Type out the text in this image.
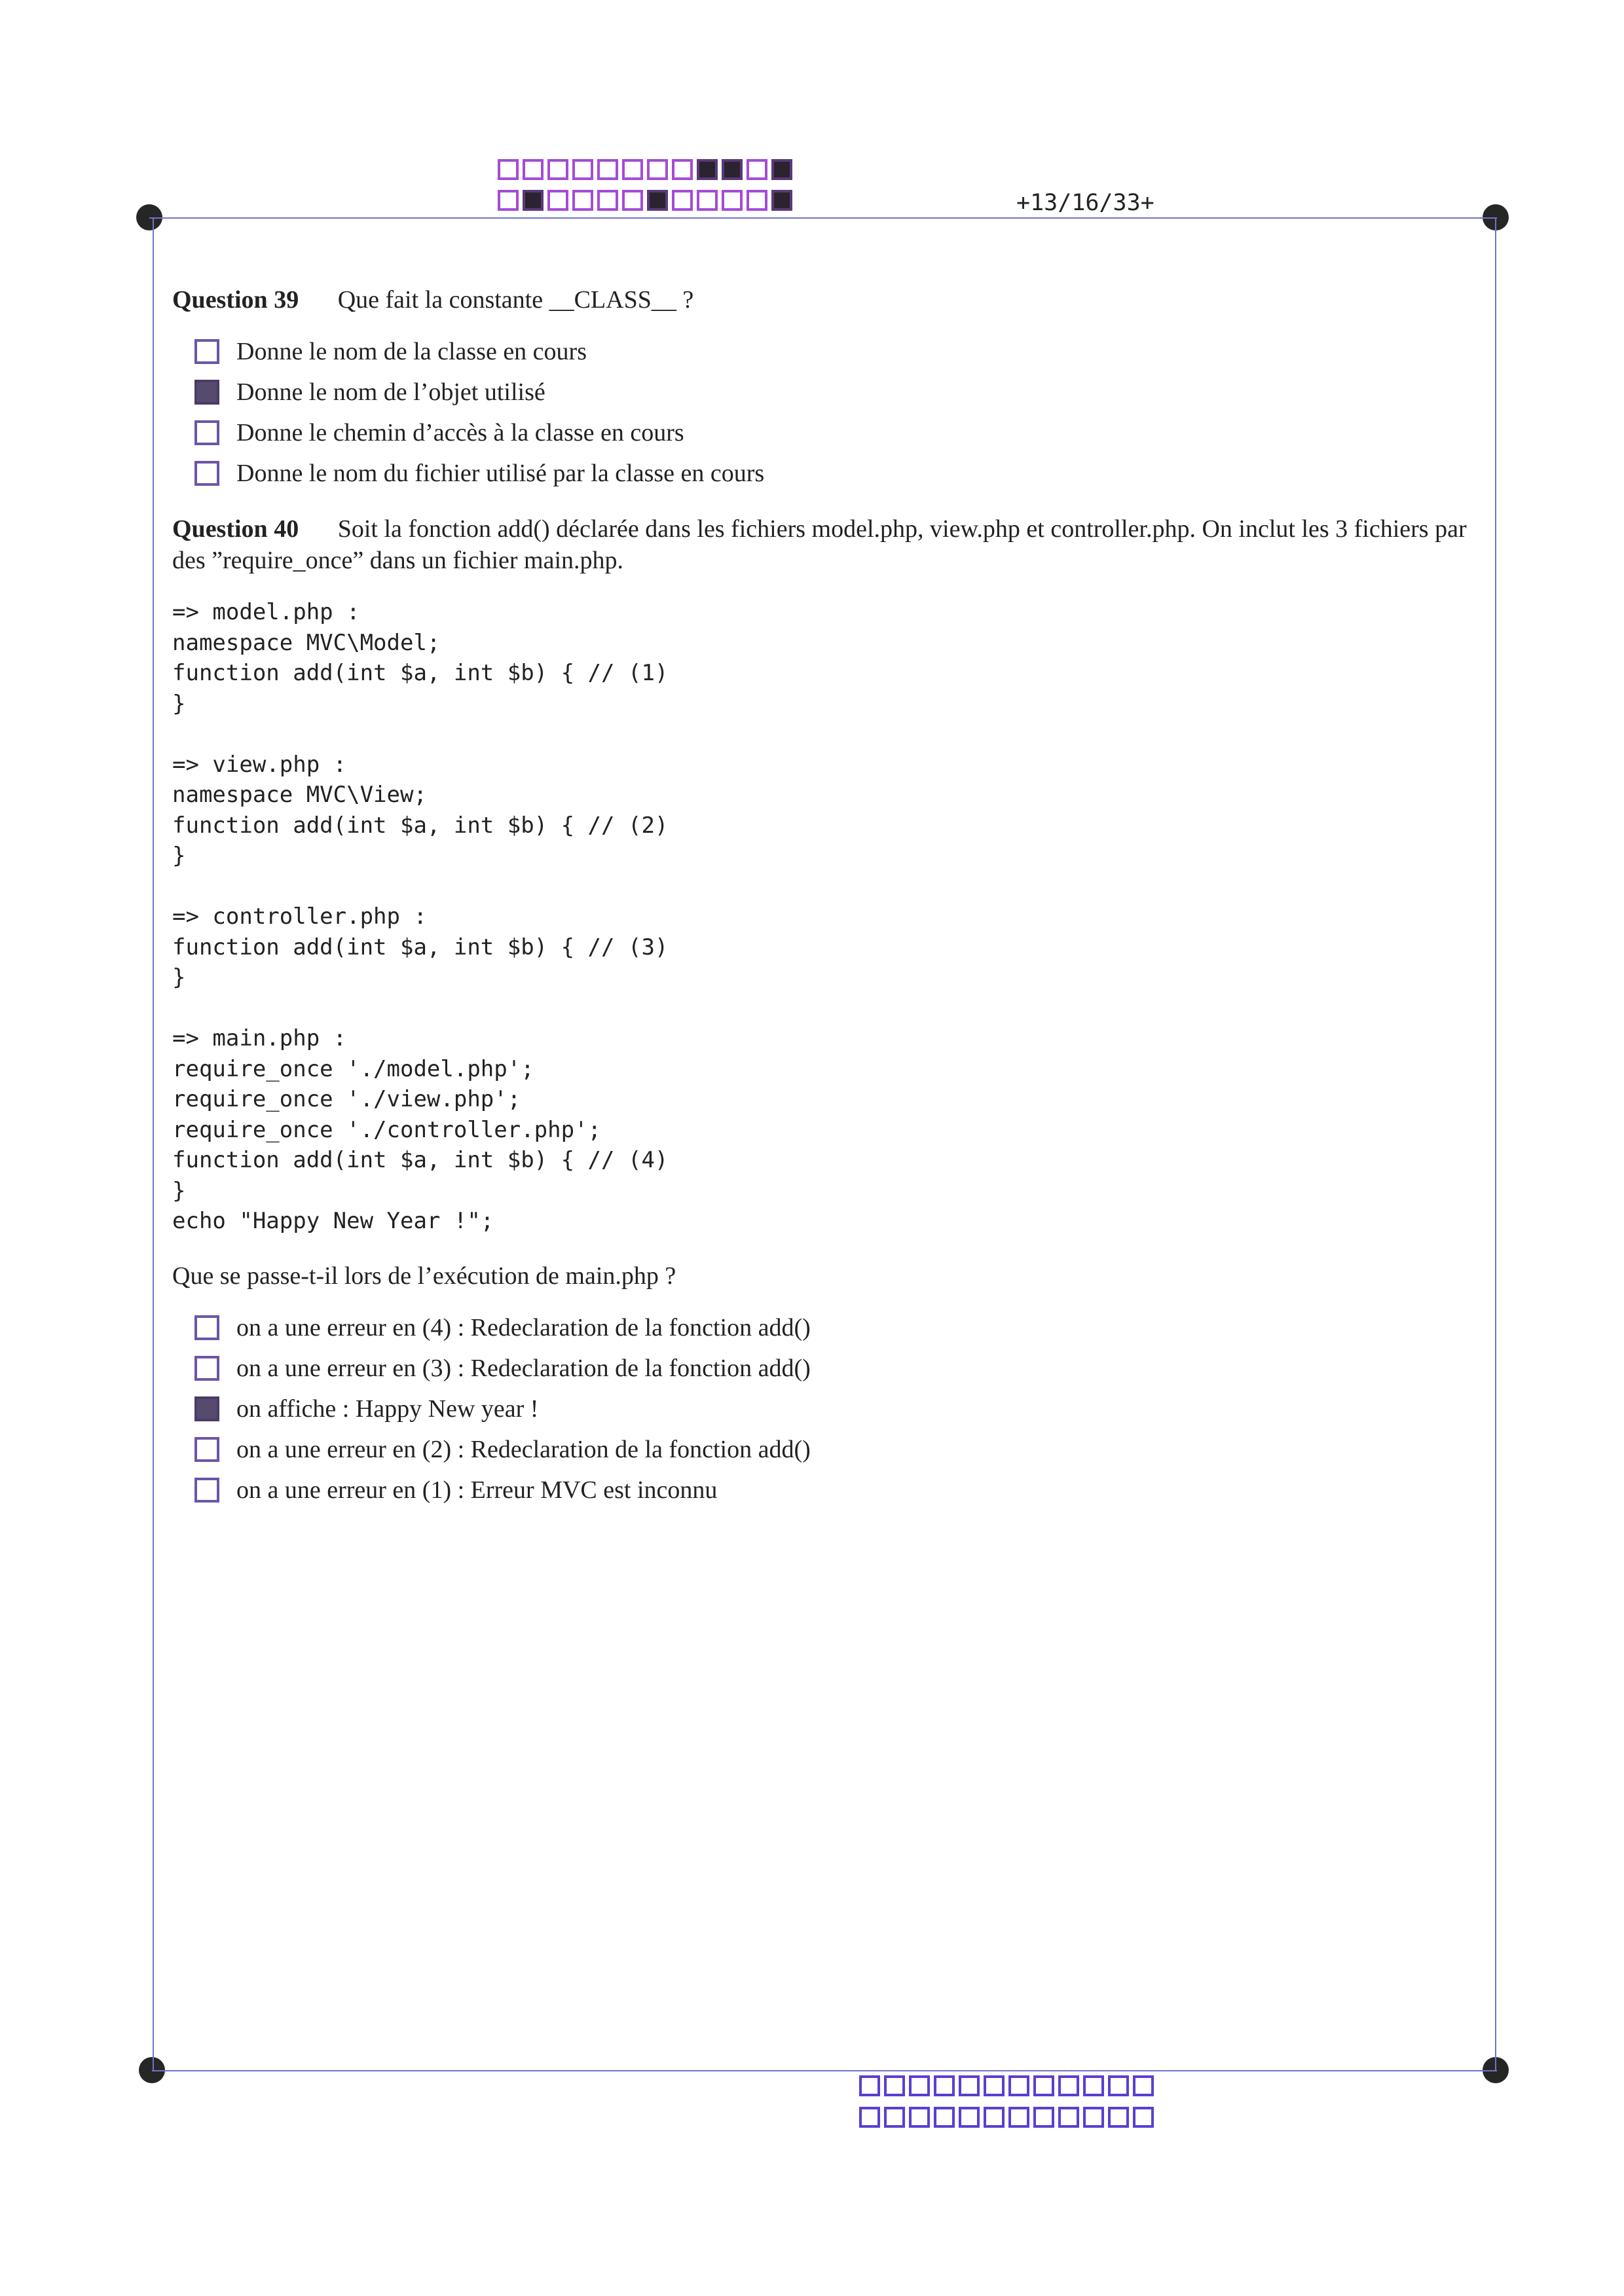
+13/16/33+
Question 39 Que fait la constante __CLASS__ ?
Donne le nom de la classe en cours
Donne le nom de l’objet utilisé
Donne le chemin d’accès à la classe en cours
Donne le nom du fichier utilisé par la classe en cours
Question 40 Soit la fonction add() déclarée dans les fichiers model.php, view.php et controller.php. On inclut les 3 fichiers par des ”require_once” dans un fichier main.php.
=> model.php :
namespace MVC\Model;
function add(int $a, int $b) { // (1)
}

=> view.php :
namespace MVC\View;
function add(int $a, int $b) { // (2)
}

=> controller.php :
function add(int $a, int $b) { // (3)
}

=> main.php :
require_once './model.php';
require_once './view.php';
require_once './controller.php';
function add(int $a, int $b) { // (4)
}
echo "Happy New Year !";
Que se passe-t-il lors de l’exécution de main.php ?
on a une erreur en (4) : Redeclaration de la fonction add()
on a une erreur en (3) : Redeclaration de la fonction add()
on affiche : Happy New year !
on a une erreur en (2) : Redeclaration de la fonction add()
on a une erreur en (1) : Erreur MVC est inconnu
